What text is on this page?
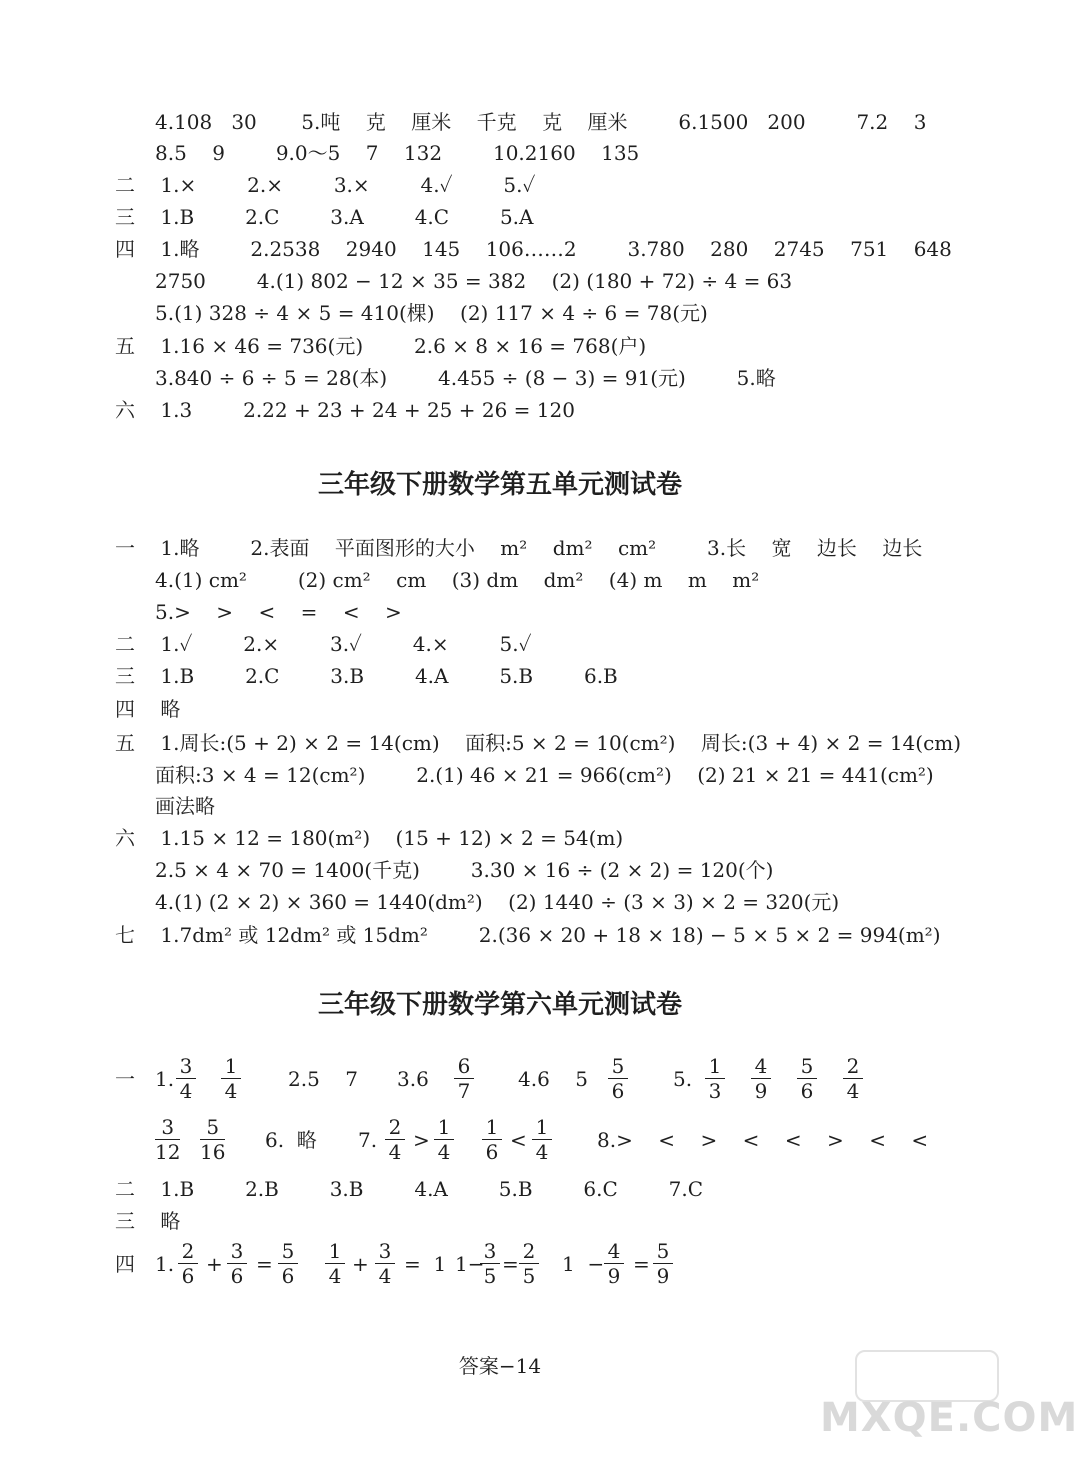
4.108   30       5.吨    克    厘米    千克    克    厘米        6.1500   200        7.2    3
8.5    9        9.0～5    7    132        10.2160    135
二    1.×        2.×        3.×        4.✓        5.✓
三    1.B        2.C        3.A        4.C        5.A
四    1.略        2.2538    2940    145    106……2        3.780    280    2745    751    648
2750        4.(1) 802 − 12 × 35 = 382    (2) (180 + 72) ÷ 4 = 63
5.(1) 328 ÷ 4 × 5 = 410(棵)    (2) 117 × 4 ÷ 6 = 78(元)
五    1.16 × 46 = 736(元)        2.6 × 8 × 16 = 768(户)
3.840 ÷ 6 ÷ 5 = 28(本)        4.455 ÷ (8 − 3) = 91(元)        5.略
六    1.3        2.22 + 23 + 24 + 25 + 26 = 120
三年级下册数学第五单元测试卷
一    1.略        2.表面    平面图形的大小    m²    dm²    cm²        3.长    宽    边长    边长
4.(1) cm²        (2) cm²    cm    (3) dm    dm²    (4) m    m    m²
5.>    >    <    =    <    >
二    1.✓        2.×        3.✓        4.×        5.✓
三    1.B        2.C        3.B        4.A        5.B        6.B
四    略
五    1.周长:(5 + 2) × 2 = 14(cm)    面积:5 × 2 = 10(cm²)    周长:(3 + 4) × 2 = 14(cm)
面积:3 × 4 = 12(cm²)        2.(1) 46 × 21 = 966(cm²)    (2) 21 × 21 = 441(cm²)
画法略
六    1.15 × 12 = 180(m²)    (15 + 12) × 2 = 54(m)
2.5 × 4 × 70 = 1400(千克)        3.30 × 16 ÷ (2 × 2) = 120(个)
4.(1) (2 × 2) × 360 = 1440(dm²)    (2) 1440 ÷ (3 × 3) × 2 = 320(元)
七    1.7dm² 或 12dm² 或 15dm²        2.(36 × 20 + 18 × 18) − 5 × 5 × 2 = 994(m²)
三年级下册数学第六单元测试卷
一 1.
3
4
1
4	2.5    7 3.6
6
7 4.6    5
5
6 5.
1
3
4
9
5
6
2
4
3
12
5
16 6.  略 7.
2
4 >
1
4
1
6 <
1
4 8.>    <    >    <    <    >    <    <
二    1.B        2.B        3.B        4.A        5.B        6.C        7.C
三    略
四 1.
2
6 +
3
6 =
5
6
1
4 +
3
4 =  1 1−
3
5 =
2
5 1  −
4
9 =
5
9
答案−14
MXQE.COM
